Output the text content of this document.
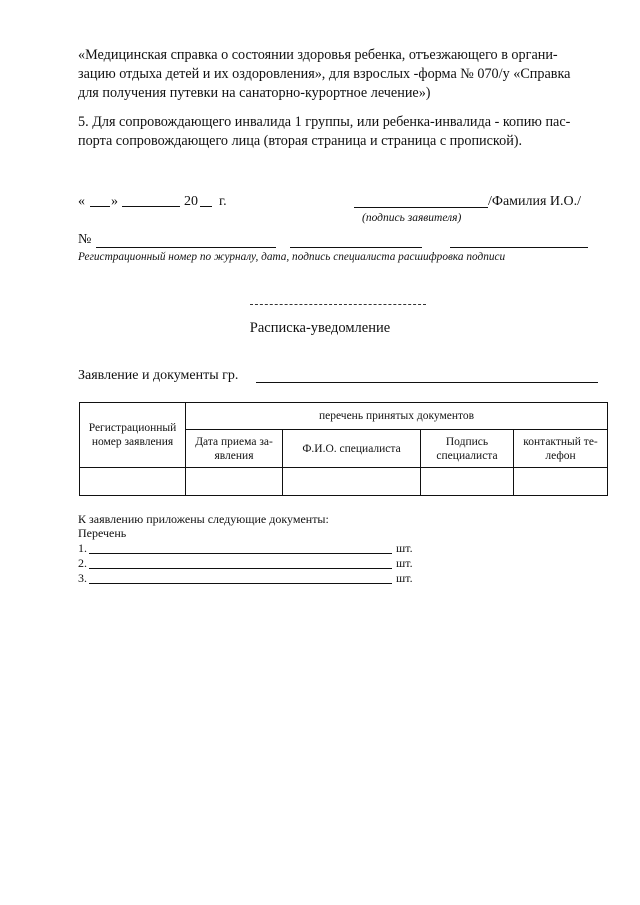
«Медицинская справка о состоянии здоровья ребенка, отъезжающего в органи-
зацию отдыха детей и их оздоровления», для взрослых -форма № 070/у «Справка
для получения путевки на санаторно-курортное лечение»)
5. Для сопровождающего инвалида 1 группы, или ребенка-инвалида - копию пас-
порта сопровождающего лица (вторая страница и страница с пропиской).
« »	20 г.	/Фамилия И.О./
(подпись заявителя)
№
Регистрационный номер по журналу, дата, подпись специалиста расшифровка подписи
Расписка-уведомление
Заявление и документы гр.
Регистрационный номер заявления	перечень принятых документов			
	Дата приема за-явления	Ф.И.О. специалиста	Подпись специалиста	контактный те-лефон

К заявлению приложены следующие документы:
Перечень
1.	шт.
2.	шт.
3.	шт.
